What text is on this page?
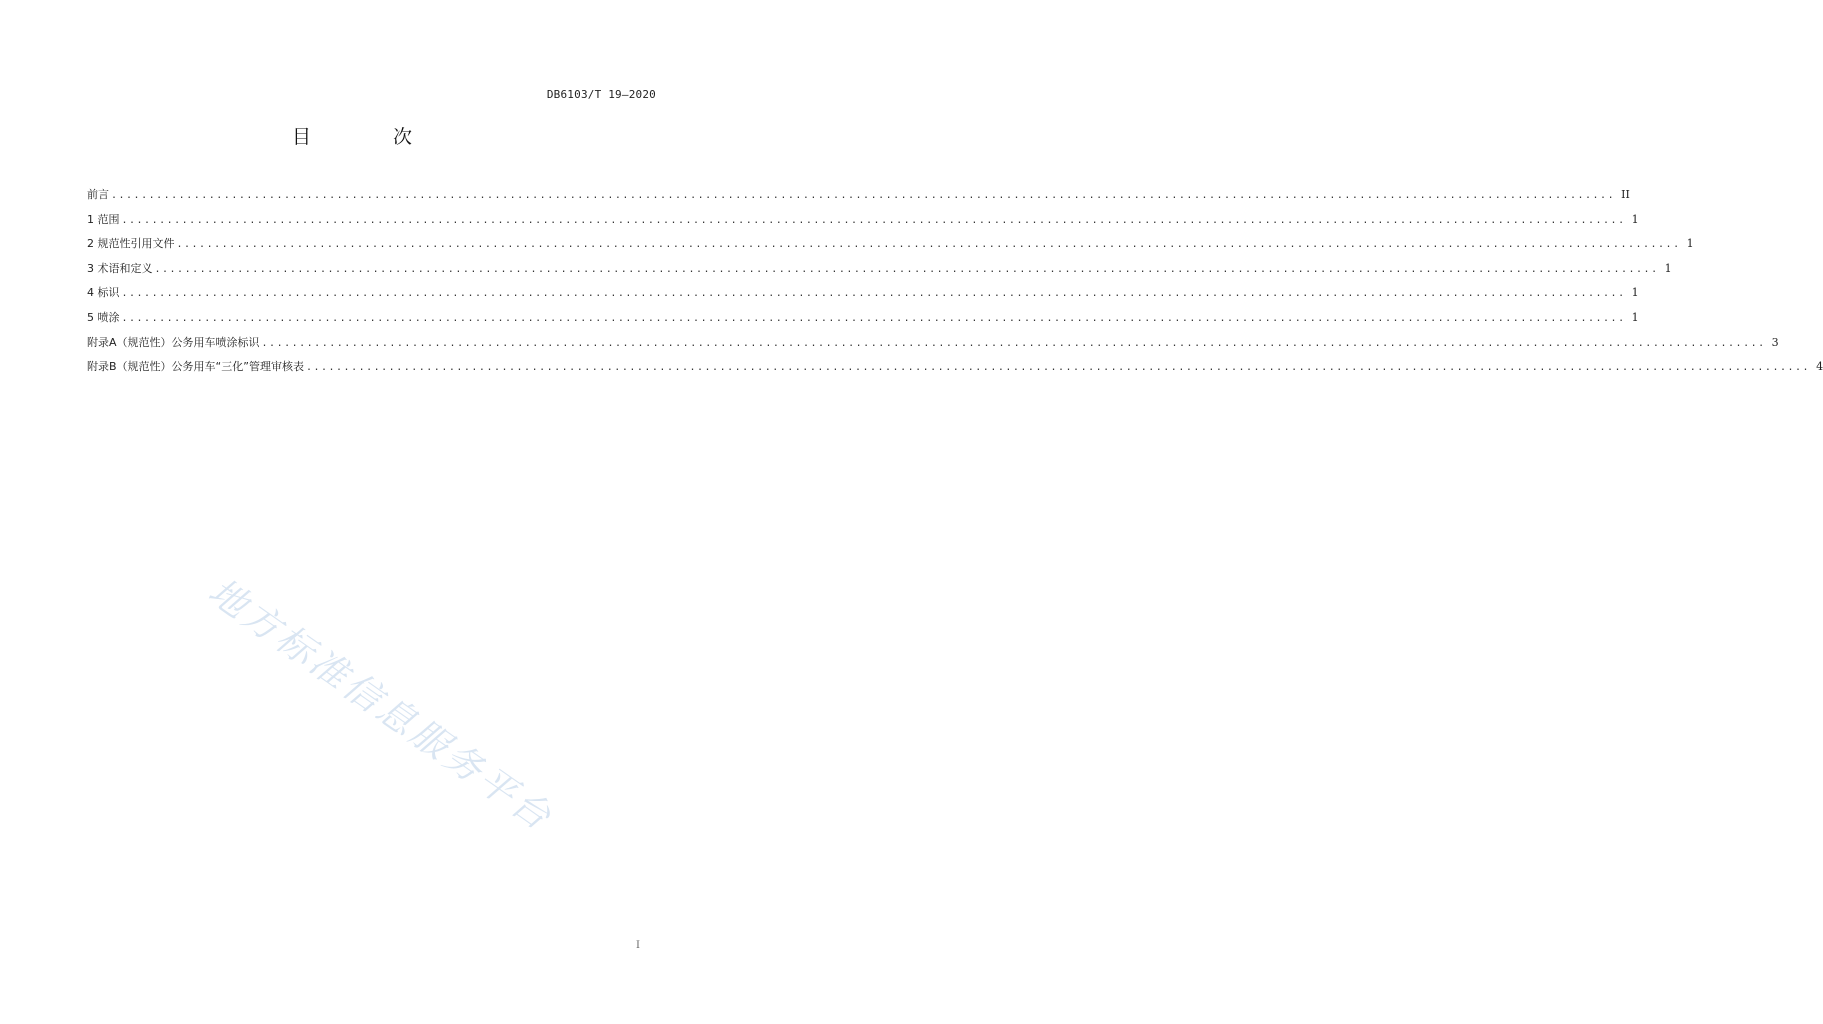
DB6103/T 19—2020
目 次
前言 ........................................................................................................................................................................................................ II
1 范围 ........................................................................................................................................................................................................ 1
2 规范性引用文件 ........................................................................................................................................................................................................ 1
3 术语和定义 ........................................................................................................................................................................................................ 1
4 标识 ........................................................................................................................................................................................................ 1
5 喷涂 ........................................................................................................................................................................................................ 1
附录A（规范性）公务用车喷涂标识 ........................................................................................................................................................................................................ 3
附录B（规范性）公务用车“三化”管理审核表 ........................................................................................................................................................................................................ 4
地方标准信息服务平台
I
